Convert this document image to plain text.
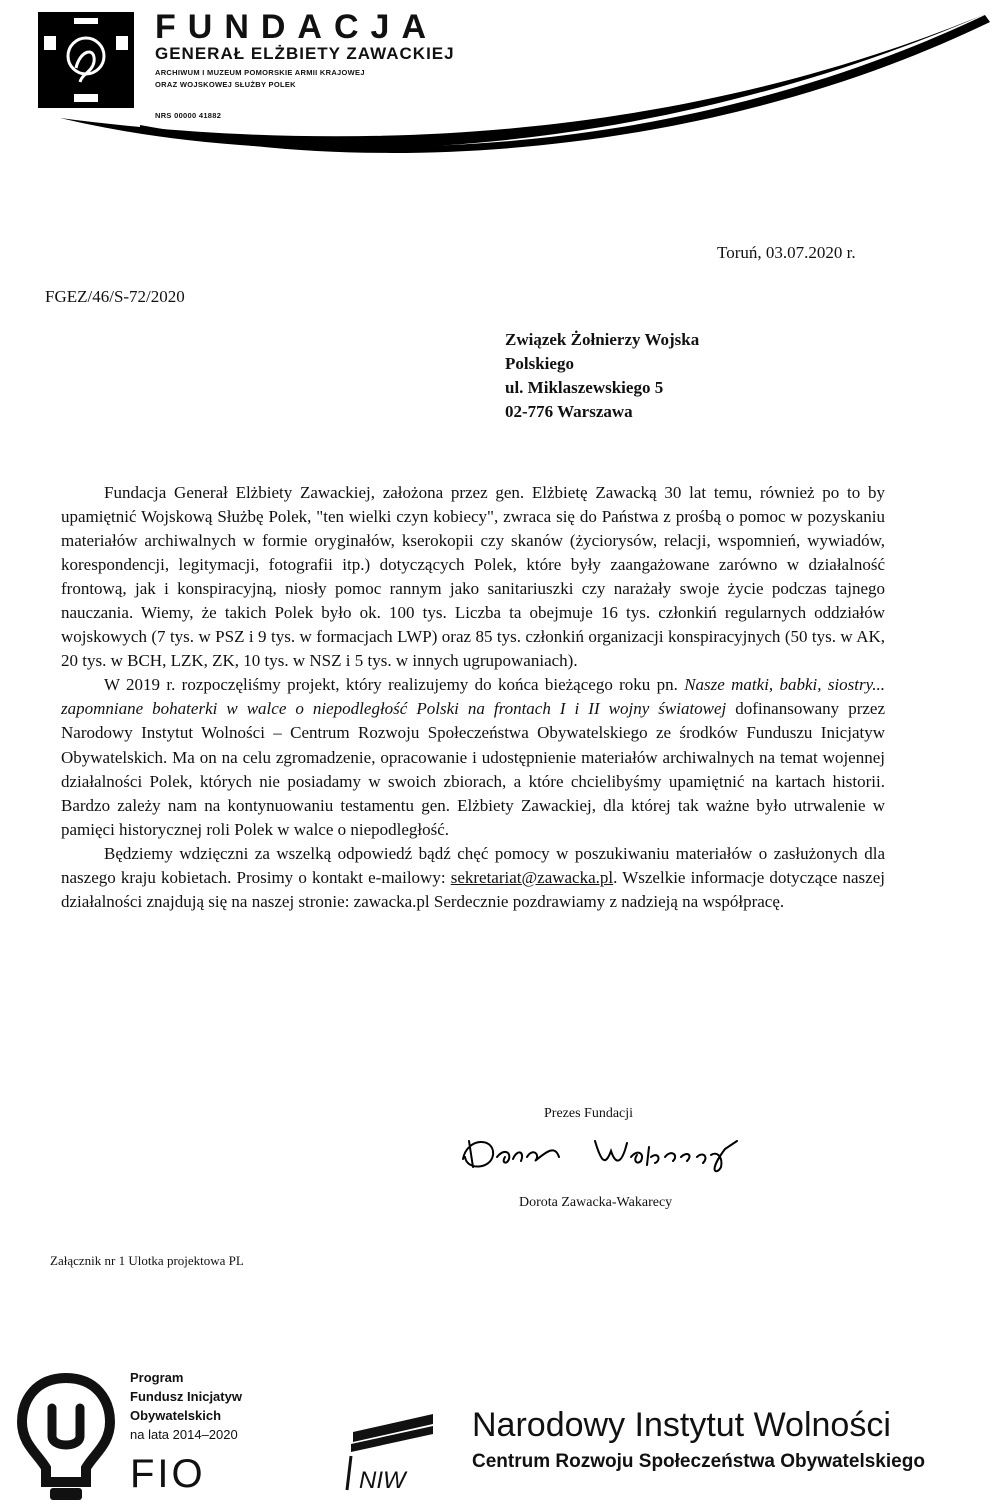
FUNDACJA
GENERAŁ ELŻBIETY ZAWACKIEJ
ARCHIWUM I MUZEUM POMORSKIE ARMII KRAJOWEJ
ORAZ WOJSKOWEJ SŁUŻBY POLEK
NRS 00000 41882
Toruń, 03.07.2020 r.
FGEZ/46/S-72/2020
Związek Żołnierzy Wojska
Polskiego
ul. Miklaszewskiego 5
02-776 Warszawa

Fundacja Generał Elżbiety Zawackiej, założona przez gen. Elżbietę Zawacką 30 lat temu, również po to by upamiętnić Wojskową Służbę Polek, "ten wielki czyn kobiecy", zwraca się do Państwa z prośbą o pomoc w pozyskaniu materiałów archiwalnych w formie oryginałów, kserokopii czy skanów (życiorysów, relacji, wspomnień, wywiadów, korespondencji, legitymacji, fotografii itp.) dotyczących Polek, które były zaangażowane zarówno w działalność frontową, jak i konspiracyjną, niosły pomoc rannym jako sanitariuszki czy narażały swoje życie podczas tajnego nauczania. Wiemy, że takich Polek było ok. 100 tys. Liczba ta obejmuje 16 tys. członkiń regularnych oddziałów wojskowych (7 tys. w PSZ i 9 tys. w formacjach LWP) oraz 85 tys. członkiń organizacji konspiracyjnych (50 tys. w AK, 20 tys. w BCH, LZK, ZK, 10 tys. w NSZ i 5 tys. w innych ugrupowaniach).

W 2019 r. rozpoczęliśmy projekt, który realizujemy do końca bieżącego roku pn. Nasze matki, babki, siostry... zapomniane bohaterki w walce o niepodległość Polski na frontach I i II wojny światowej dofinansowany przez Narodowy Instytut Wolności – Centrum Rozwoju Społeczeństwa Obywatelskiego ze środków Funduszu Inicjatyw Obywatelskich. Ma on na celu zgromadzenie, opracowanie i udostępnienie materiałów archiwalnych na temat wojennej działalności Polek, których nie posiadamy w swoich zbiorach, a które chcielibyśmy upamiętnić na kartach historii. Bardzo zależy nam na kontynuowaniu testamentu gen. Elżbiety Zawackiej, dla której tak ważne było utrwalenie w pamięci historycznej roli Polek w walce o niepodległość.

Będziemy wdzięczni za wszelką odpowiedź bądź chęć pomocy w poszukiwaniu materiałów o zasłużonych dla naszego kraju kobietach. Prosimy o kontakt e-mailowy: sekretariat@zawacka.pl. Wszelkie informacje dotyczące naszej działalności znajdują się na naszej stronie: zawacka.pl Serdecznie pozdrawiamy z nadzieją na współpracę.

Prezes Fundacji
Dorota Zawacka-Wakarecy
Załącznik nr 1 Ulotka projektowa PL
Program
Fundusz Inicjatyw
Obywatelskich
na lata 2014–2020
FIO	NIW
Narodowy Instytut Wolności
Centrum Rozwoju Społeczeństwa Obywatelskiego
